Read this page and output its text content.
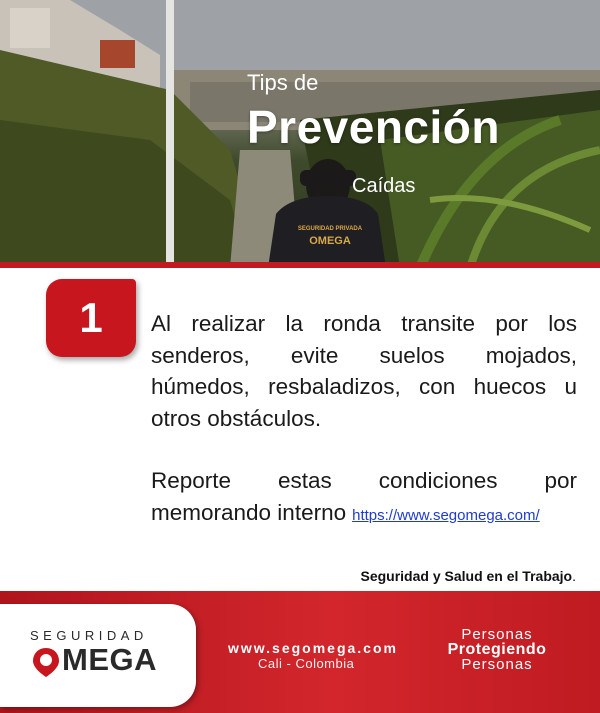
SEGURIDAD PRIVADA
OMEGA
Tips de
Prevención
Caídas
1	Al realizar la ronda transite por los senderos, evite suelos mojados, húmedos, resbaladizos, con huecos u otros obstáculos.
Reporte estas condiciones por
memorando interno https://www.segomega.com/
Seguridad y Salud en el Trabajo.
SEGURIDAD
MEGA	www.segomega.com
Cali - Colombia
Personas
Protegiendo
Personas
